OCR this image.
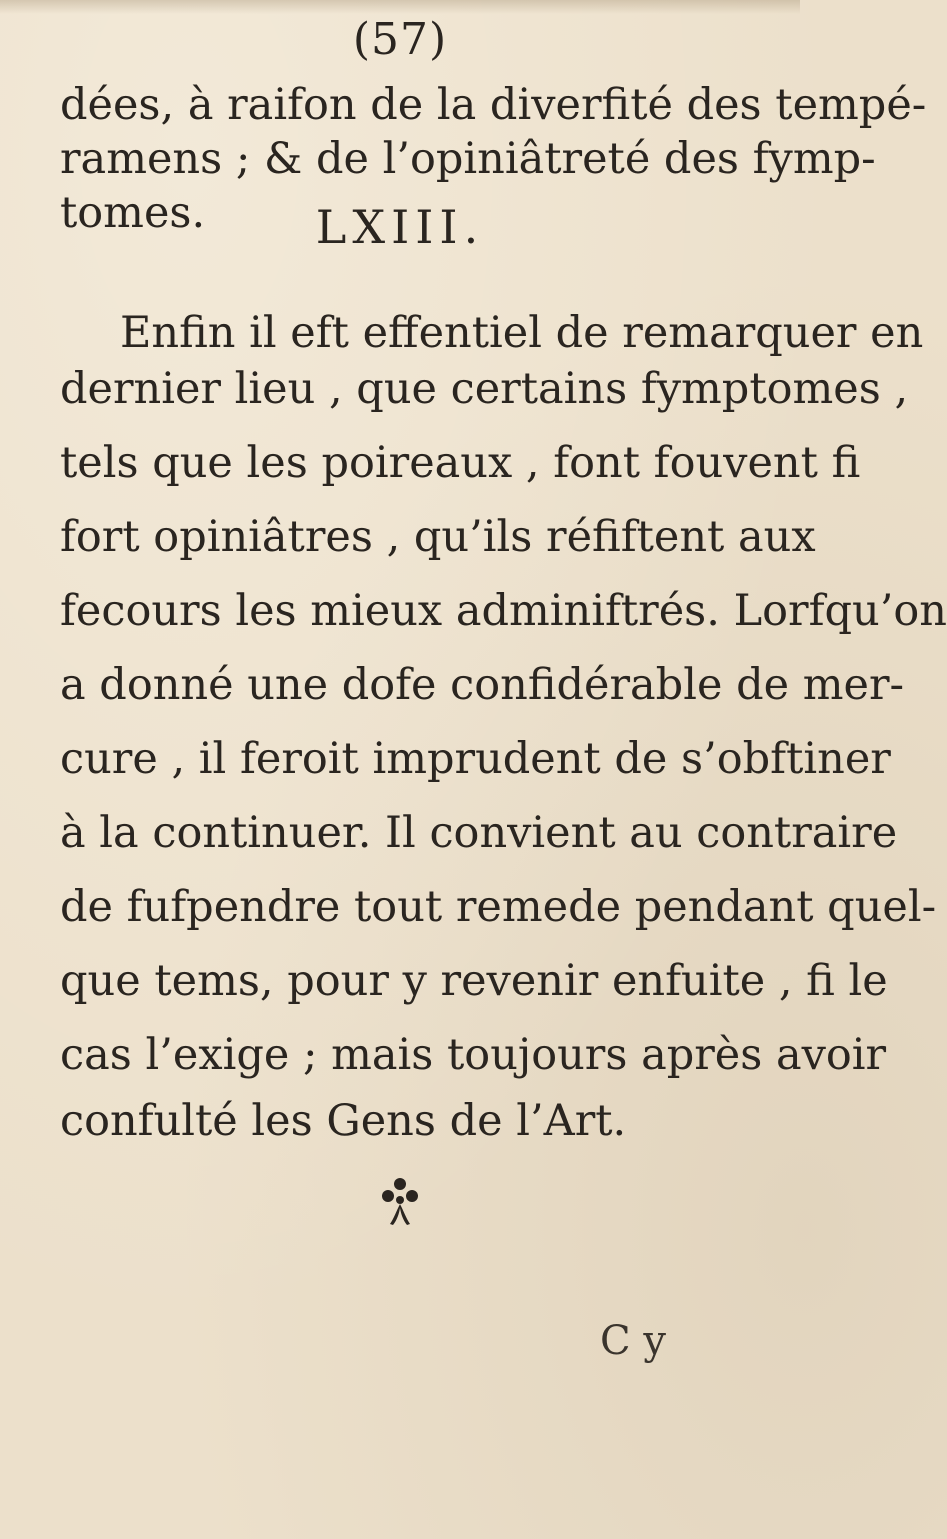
(57)
dées, à raifon de la diverfité des tempé-
ramens ; & de l’opiniâtreté des fymp-
tomes.	LXIII.
Enfin il eft effentiel de remarquer en
dernier lieu , que certains fymptomes ,
tels que les poireaux , font fouvent fi
fort opiniâtres , qu’ils réfiftent aux
fecours les mieux adminiftrés. Lorfqu’on
a donné une dofe confidérable de mer-
cure , il feroit imprudent de s’obftiner
à la continuer. Il convient au contraire
de fufpendre tout remede pendant quel-
que tems, pour y revenir enfuite , fi le
cas l’exige ; mais toujours après avoir
confulté les Gens de l’Art.
C y
